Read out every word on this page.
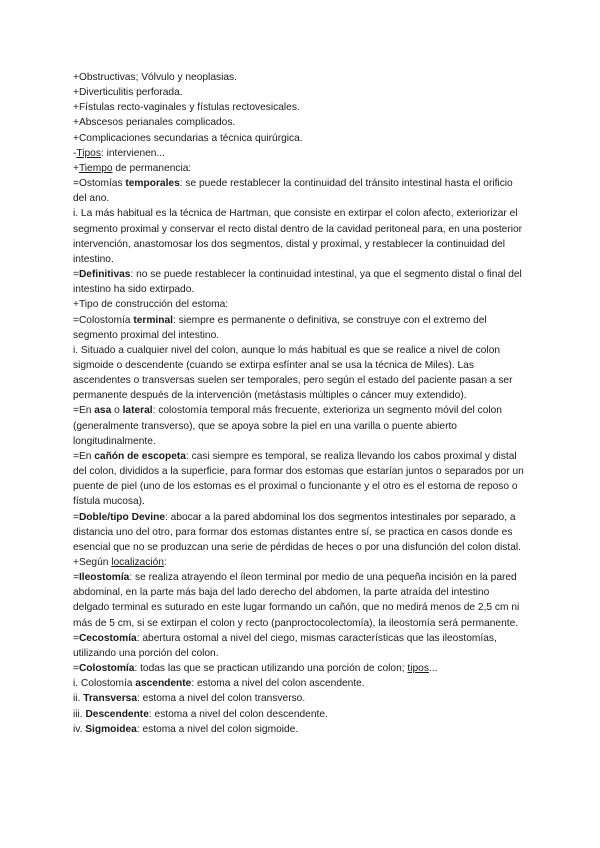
+Obstructivas; Vólvulo y neoplasias.

+Diverticulitis perforada.

+Fístulas recto-vaginales y fístulas rectovesicales.

+Abscesos perianales complicados.

+Complicaciones secundarias a técnica quirúrgica.

-Tipos: intervienen...

+Tiempo de permanencia:

=Ostomías temporales: se puede restablecer la continuidad del tránsito intestinal hasta el orificio del ano.

i. La más habitual es la técnica de Hartman, que consiste en extirpar el colon afecto, exteriorizar el segmento proximal y conservar el recto distal dentro de la cavidad peritoneal para, en una posterior intervención, anastomosar los dos segmentos, distal y proximal, y restablecer la continuidad del intestino.

=Definitivas: no se puede restablecer la continuidad intestinal, ya que el segmento distal o final del intestino ha sido extirpado.

+Tipo de construcción del estoma:

=Colostomía terminal: siempre es permanente o definitiva, se construye con el extremo del segmento proximal del intestino.

i. Situado a cualquier nivel del colon, aunque lo más habitual es que se realice a nivel de colon sigmoide o descendente (cuando se extirpa esfínter anal se usa la técnica de Miles). Las ascendentes o transversas suelen ser temporales, pero según el estado del paciente pasan a ser permanente después de la intervención (metástasis múltiples o cáncer muy extendido).

=En asa o lateral: colostomía temporal más frecuente, exterioriza un segmento móvil del colon (generalmente transverso), que se apoya sobre la piel en una varilla o puente abierto longitudinalmente.

=En cañón de escopeta: casi siempre es temporal, se realiza llevando los cabos proximal y distal del colon, divididos a la superficie, para formar dos estomas que estarían juntos o separados por un puente de piel (uno de los estomas es el proximal o funcionante y el otro es el estoma de reposo o fístula mucosa).

=Doble/tipo Devine: abocar a la pared abdominal los dos segmentos intestinales por separado, a distancia uno del otro, para formar dos estomas distantes entre sí, se practica en casos donde es esencial que no se produzcan una serie de pérdidas de heces o por una disfunción del colon distal.

+Según localización:

=Ileostomía: se realiza atrayendo el íleon terminal por medio de una pequeña incisión en la pared abdominal, en la parte más baja del lado derecho del abdomen, la parte atraída del intestino delgado terminal es suturado en este lugar formando un cañón, que no medirá menos de 2,5 cm ni más de 5 cm, si se extirpan el colon y recto (panproctocolectomía), la ileostomía será permanente.

=Cecostomía: abertura ostomal a nivel del ciego, mismas características que las ileostomías, utilizando una porción del colon.

=Colostomía: todas las que se practican utilizando una porción de colon; tipos...

i. Colostomía ascendente: estoma a nivel del colon ascendente.

ii. Transversa: estoma a nivel del colon transverso.

iii. Descendente: estoma a nivel del colon descendente.

iv. Sigmoidea: estoma a nivel del colon sigmoide.
